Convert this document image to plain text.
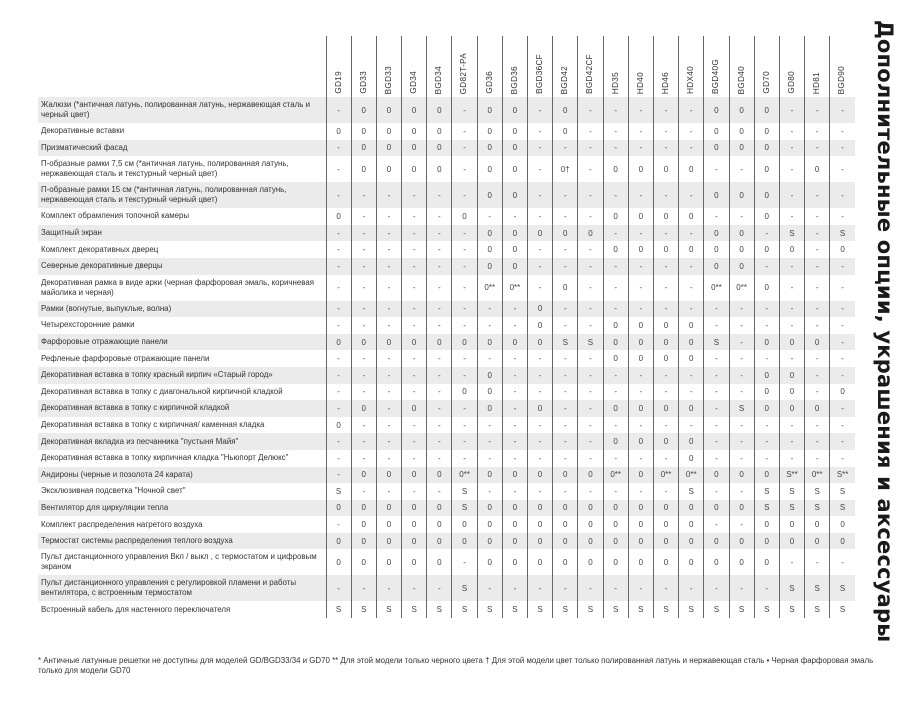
Дополнительные опции, украшения и аксессуары

	GD19	GD33	BGD33	GD34	BGD34	GD82T-PA	GD36	BGD36	BGD36CF	BGD42	BGD42CF	HD35	HD40	HD46	HDX40	BGD40G	BGD40	GD70	GD80	HD81	BGD90

Жалюзи (*античная латунь, полированная латунь, нержавеющая сталь и черный цвет)	-	0	0	0	0	-	0	0	-	0	-	-	-	-	-	0	0	0	-	-	-
Декоративные вставки	0	0	0	0	0	-	0	0	-	0	-	-	-	-	-	0	0	0	-	-	-
Призматический фасад	-	0	0	0	0	-	0	0	-	-	-	-	-	-	-	0	0	0	-	-	-
П-образные рамки 7,5 см (*античная латунь, полированная латунь, нержавеющая сталь и текстурный черный цвет)	-	0	0	0	0	-	0	0	-	0†	-	0	0	0	0	-	-	0	-	0	-
П-образные рамки 15 см (*античная латунь, полированная латунь, нержавеющая сталь и текстурный черный цвет)	-	-	-	-	-	-	0	0	-	-	-	-	-	-	-	0	0	0	-	-	-
Комплект обрамления топочной камеры	0	-	-	-	-	0	-	-	-	-	-	0	0	0	0	-	-	0	-	-	-
Защитный экран	-	-	-	-	-	-	0	0	0	0	0	-	-	-	-	0	0	-	S	-	S
Комплект декоративных дверец	-	-	-	-	-	-	0	0	-	-	-	0	0	0	0	0	0	0	0	-	0
Северные декоративные дверцы	-	-	-	-	-	-	0	0	-	-	-	-	-	-	-	0	0	-	-	-	-
Декоративная рамка в виде арки (черная фарфоровая эмаль, коричневая майолика и черная)	-	-	-	-	-	-	0**	0**	-	0	-	-	-	-	-	0**	0**	0	-	-	-
Рамки (вогнутые, выпуклые, волна)	-	-	-	-	-	-	-	-	0	-	-	-	-	-	-	-	-	-	-	-	-
Четырехсторонние рамки	-	-	-	-	-	-	-	-	0	-	-	0	0	0	0	-	-	-	-	-	-
Фарфоровые отражающие панели	0	0	0	0	0	0	0	0	0	S	S	0	0	0	0	S	-	0	0	0	-
Рефленые фарфоровые отражающие панели	-	-	-	-	-	-	-	-	-	-	-	0	0	0	0	-	-	-	-	-	-
Декоративная вставка в топку красный кирпич «Старый город»	-	-	-	-	-	-	0	-	-	-	-	-	-	-	-	-	-	0	0	-	-
Декоративная вставка в топку с диагональной кирпичной кладкой	-	-	-	-	-	0	0	-	-	-	-	-	-	-	-	-	-	0	0	-	0
Декоративная вставка в топку с кирпичной кладкой	-	0	-	0	-	-	0	-	0	-	-	0	0	0	0	-	S	0	0	0	-
Декоративная вставка в топку с кирпичная/ каменная кладка	0	-	-	-	-	-	-	-	-	-	-	-	-	-	-	-	-	-	-	-	-
Декоративная вкладка из песчанника "пустыня Майя"	-	-	-	-	-	-	-	-	-	-	-	0	0	0	0	-	-	-	-	-	-
Декоративная вставка в топку кирпичная кладка "Ньюпорт Делюкс"	-	-	-	-	-	-	-	-	-	-	-	-	-	-	0	-	-	-	-	-	-
Андироны (черные и позолота 24 карата)	-	0	0	0	0	0**	0	0	0	0	0	0**	0	0**	0**	0	0	0	S**	0**	S**
Эксклюзивная подсветка "Ночной свет"	S	-	-	-	-	S	-	-	-	-	-	-	-	-	S	-	-	S	S	S	S
Вентилятор для циркуляции тепла	0	0	0	0	0	S	0	0	0	0	0	0	0	0	0	0	0	S	S	S	S
Комплект распределения нагретого воздуха	-	0	0	0	0	0	0	0	0	0	0	0	0	0	0	-	-	0	0	0	0
Термостат системы распределения теплого воздуха	0	0	0	0	0	0	0	0	0	0	0	0	0	0	0	0	0	0	0	0	0
Пульт дистанционного управления Вкл / выкл , с термостатом и цифровым экраном	0	0	0	0	0	-	0	0	0	0	0	0	0	0	0	0	0	0	-	-	-
Пульт дистанционного управления с регулировкой пламени и работы вентилятора, с встроенным термостатом	-	-	-	-	-	S	-	-	-	-	-	-	-	-	-	-	-	-	S	S	S
Встроенный кабель для настенного переключателя	S	S	S	S	S	S	S	S	S	S	S	S	S	S	S	S	S	S	S	S	S
* Античные латунные решетки не доступны для моделей GD/BGD33/34 и GD70 ** Для этой модели только черного цвета † Для этой модели цвет только полированная латунь и нержавеющая сталь • Черная фарфоровая эмаль только для модели GD70
